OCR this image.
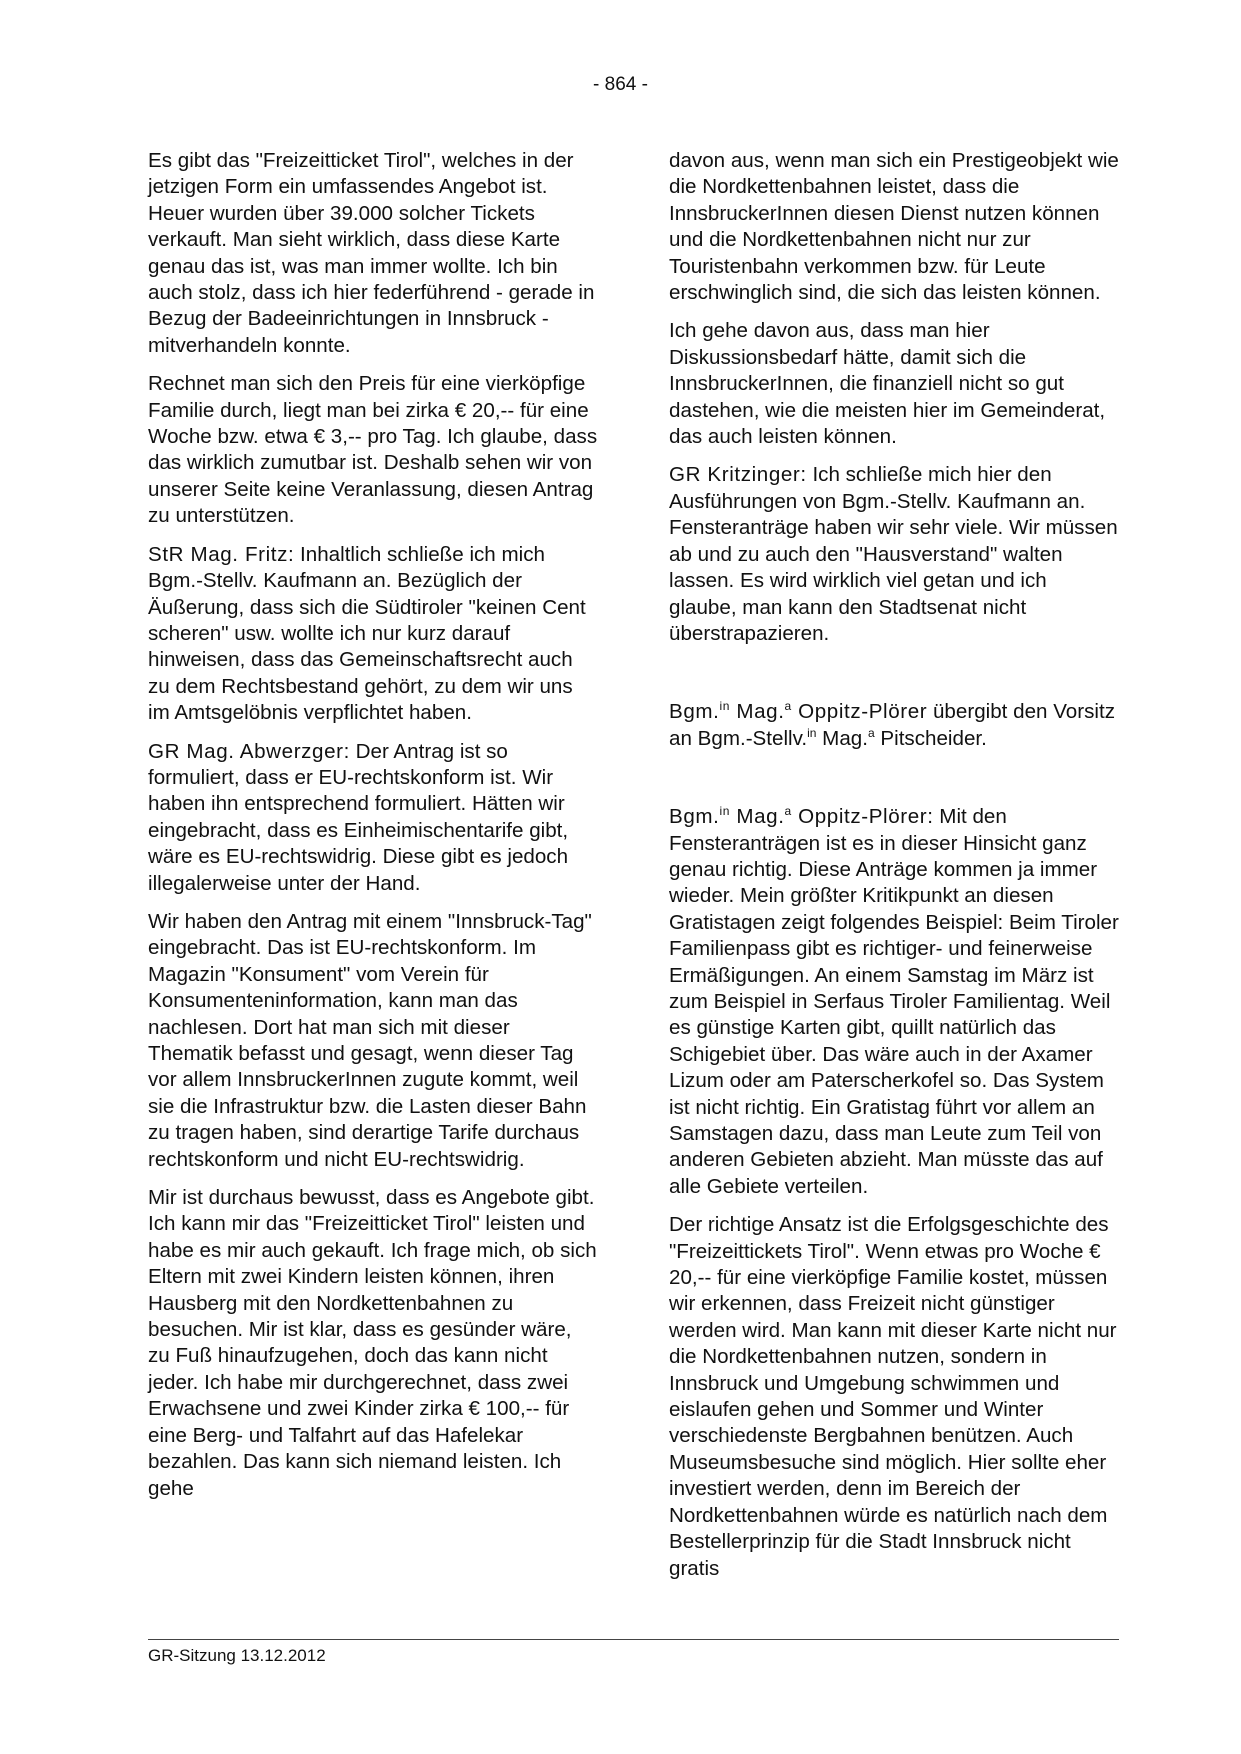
- 864 -

Es gibt das "Freizeitticket Tirol", welches in der jetzigen Form ein umfassendes Angebot ist. Heuer wurden über 39.000 solcher Tickets verkauft. Man sieht wirklich, dass diese Karte genau das ist, was man immer wollte. Ich bin auch stolz, dass ich hier federführend - gerade in Bezug der Badeeinrichtungen in Innsbruck - mitverhandeln konnte.

Rechnet man sich den Preis für eine vierköpfige Familie durch, liegt man bei zirka € 20,-- für eine Woche bzw. etwa € 3,-- pro Tag. Ich glaube, dass das wirklich zumutbar ist. Deshalb sehen wir von unserer Seite keine Veranlassung, diesen Antrag zu unterstützen.

StR Mag. Fritz: Inhaltlich schließe ich mich Bgm.-Stellv. Kaufmann an. Bezüglich der Äußerung, dass sich die Südtiroler "keinen Cent scheren" usw. wollte ich nur kurz darauf hinweisen, dass das Gemeinschaftsrecht auch zu dem Rechtsbestand gehört, zu dem wir uns im Amtsgelöbnis verpflichtet haben.

GR Mag. Abwerzger: Der Antrag ist so formuliert, dass er EU-rechtskonform ist. Wir haben ihn entsprechend formuliert. Hätten wir eingebracht, dass es Einheimischentarife gibt, wäre es EU-rechtswidrig. Diese gibt es jedoch illegalerweise unter der Hand.

Wir haben den Antrag mit einem "Innsbruck-Tag" eingebracht. Das ist EU-rechtskonform. Im Magazin "Konsument" vom Verein für Konsumenteninformation, kann man das nachlesen. Dort hat man sich mit dieser Thematik befasst und gesagt, wenn dieser Tag vor allem InnsbruckerInnen zugute kommt, weil sie die Infrastruktur bzw. die Lasten dieser Bahn zu tragen haben, sind derartige Tarife durchaus rechtskonform und nicht EU-rechtswidrig.

Mir ist durchaus bewusst, dass es Angebote gibt. Ich kann mir das "Freizeitticket Tirol" leisten und habe es mir auch gekauft. Ich frage mich, ob sich Eltern mit zwei Kindern leisten können, ihren Hausberg mit den Nordkettenbahnen zu besuchen. Mir ist klar, dass es gesünder wäre, zu Fuß hinaufzugehen, doch das kann nicht jeder. Ich habe mir durchgerechnet, dass zwei Erwachsene und zwei Kinder zirka € 100,-- für eine Berg- und Talfahrt auf das Hafelekar bezahlen. Das kann sich niemand leisten. Ich gehe

davon aus, wenn man sich ein Prestigeobjekt wie die Nordkettenbahnen leistet, dass die InnsbruckerInnen diesen Dienst nutzen können und die Nordkettenbahnen nicht nur zur Touristenbahn verkommen bzw. für Leute erschwinglich sind, die sich das leisten können.

Ich gehe davon aus, dass man hier Diskussionsbedarf hätte, damit sich die InnsbruckerInnen, die finanziell nicht so gut dastehen, wie die meisten hier im Gemeinderat, das auch leisten können.

GR Kritzinger: Ich schließe mich hier den Ausführungen von Bgm.-Stellv. Kaufmann an. Fensteranträge haben wir sehr viele. Wir müssen ab und zu auch den "Hausverstand" walten lassen. Es wird wirklich viel getan und ich glaube, man kann den Stadtsenat nicht überstrapazieren.

Bgm.$^{in}$ Mag.$^a$ Oppitz-Plörer übergibt den Vorsitz an Bgm.-Stellv.$^{in}$ Mag.$^a$ Pitscheider.

Bgm.$^{in}$ Mag.$^a$ Oppitz-Plörer: Mit den Fensteranträgen ist es in dieser Hinsicht ganz genau richtig. Diese Anträge kommen ja immer wieder. Mein größter Kritikpunkt an diesen Gratistagen zeigt folgendes Beispiel: Beim Tiroler Familienpass gibt es richtiger- und feinerweise Ermäßigungen. An einem Samstag im März ist zum Beispiel in Serfaus Tiroler Familientag. Weil es günstige Karten gibt, quillt natürlich das Schigebiet über. Das wäre auch in der Axamer Lizum oder am Paterscherkofel so. Das System ist nicht richtig. Ein Gratistag führt vor allem an Samstagen dazu, dass man Leute zum Teil von anderen Gebieten abzieht. Man müsste das auf alle Gebiete verteilen.

Der richtige Ansatz ist die Erfolgsgeschichte des "Freizeittickets Tirol". Wenn etwas pro Woche € 20,-- für eine vierköpfige Familie kostet, müssen wir erkennen, dass Freizeit nicht günstiger werden wird. Man kann mit dieser Karte nicht nur die Nordkettenbahnen nutzen, sondern in Innsbruck und Umgebung schwimmen und eislaufen gehen und Sommer und Winter verschiedenste Bergbahnen benützen. Auch Museumsbesuche sind möglich. Hier sollte eher investiert werden, denn im Bereich der Nordkettenbahnen würde es natürlich nach dem Bestellerprinzip für die Stadt Innsbruck nicht gratis

GR-Sitzung 13.12.2012
